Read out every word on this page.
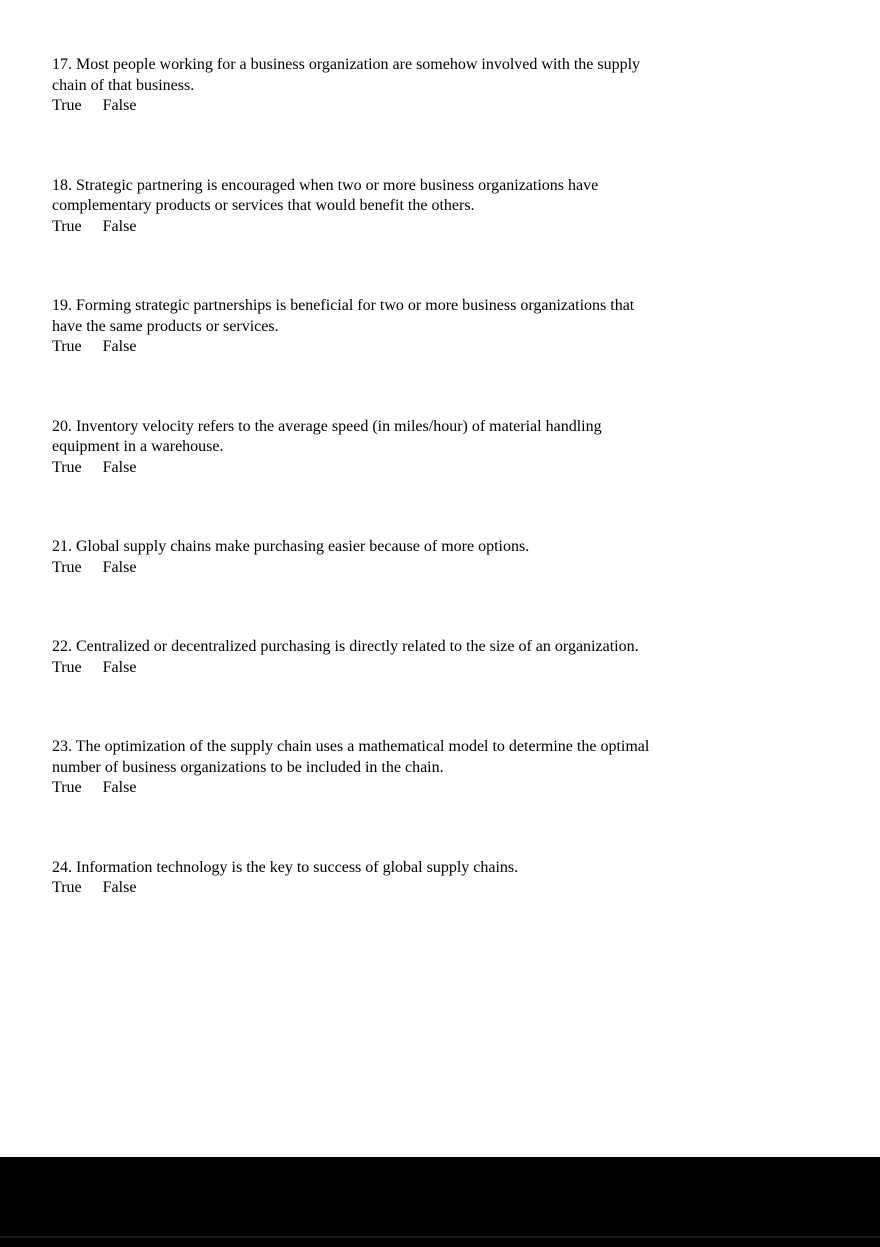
17. Most people working for a business organization are somehow involved with the supply chain of that business.

True False

18. Strategic partnering is encouraged when two or more business organizations have complementary products or services that would benefit the others.

True False

19. Forming strategic partnerships is beneficial for two or more business organizations that have the same products or services.

True False

20. Inventory velocity refers to the average speed (in miles/hour) of material handling equipment in a warehouse.

True False

21. Global supply chains make purchasing easier because of more options.

True False

22. Centralized or decentralized purchasing is directly related to the size of an organization.

True False

23. The optimization of the supply chain uses a mathematical model to determine the optimal number of business organizations to be included in the chain.

True False

24. Information technology is the key to success of global supply chains.

True False
